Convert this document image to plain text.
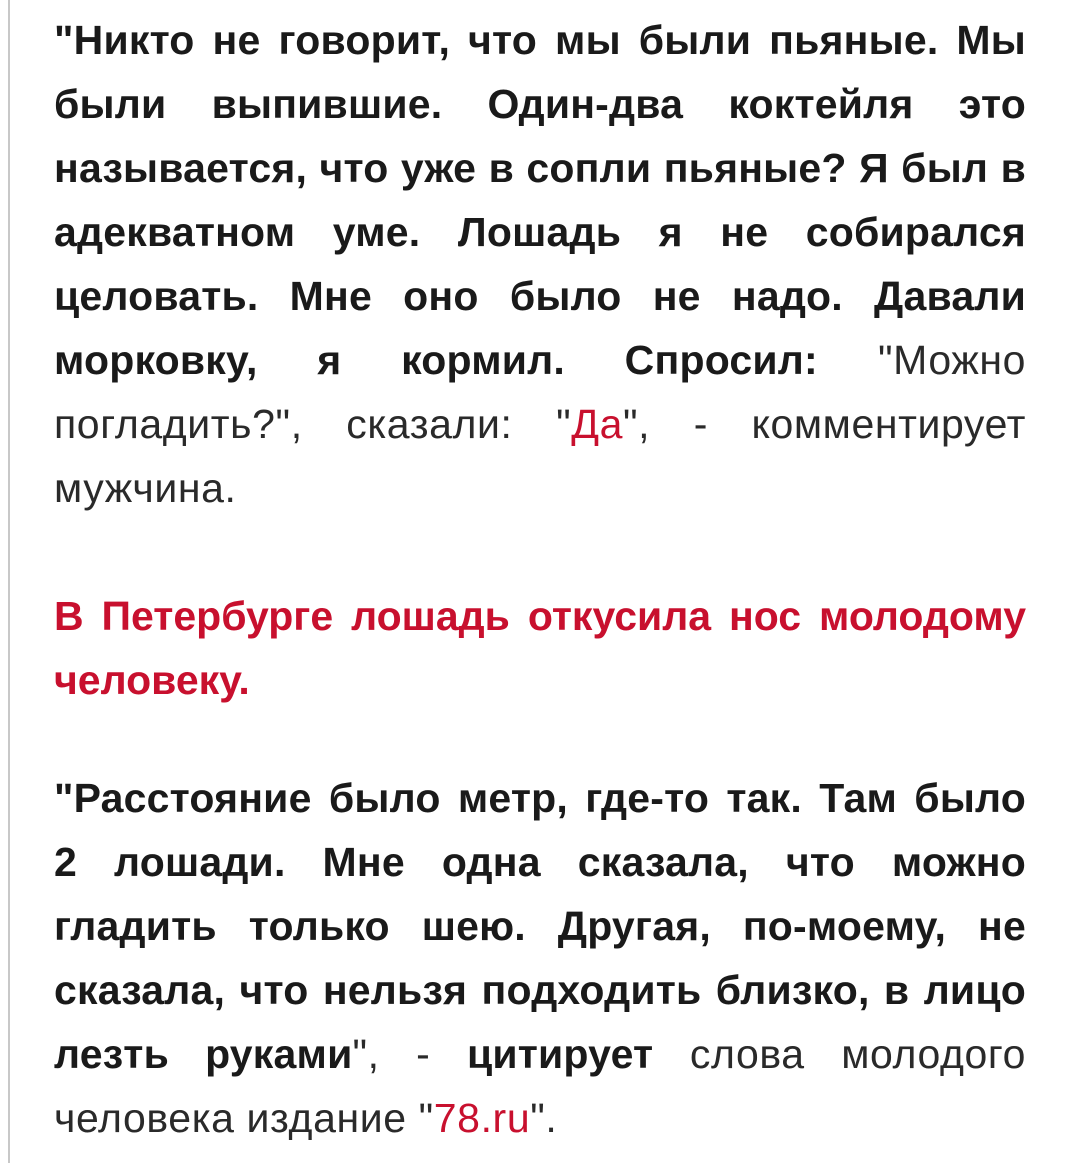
"Никто не говорит, что мы были пьяные. Мы были выпившие. Один-два коктейля это называется, что уже в сопли пьяные? Я был в адекватном уме. Лошадь я не собирался целовать. Мне оно было не надо. Давали морковку, я кормил. Спросил: "Можно погладить?", сказали: "Да", - комментирует мужчина.

В Петербурге лошадь откусила нос молодому человеку.

"Расстояние было метр, где-то так. Там было 2 лошади. Мне одна сказала, что можно гладить только шею. Другая, по-моему, не сказала, что нельзя подходить близко, в лицо лезть руками", - цитирует слова молодого человека издание "78.ru".
